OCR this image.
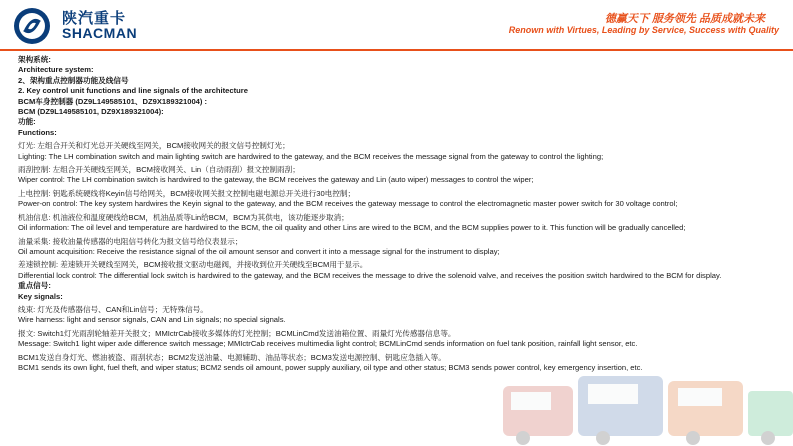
陕汽重卡
SHACMAN
德赢天下 服务领先 品质成就未来
Renown with Virtues, Leading by Service, Success with Quality

架构系统:

Architecture system:

2、架构重点控制器功能及线信号

2. Key control unit functions and line signals of the architecture

BCM车身控制器 (DZ9L149585101、DZ9X189321004) :

BCM (DZ9L149585101, DZ9X189321004):

功能:

Functions:

灯光: 左组合开关和灯光总开关硬线至网关，BCM接收网关的报文信号控制灯光；

Lighting: The LH combination switch and main lighting switch are hardwired to the gateway, and the BCM receives the message signal from the gateway to control the lighting;

雨刮控制: 左组合开关硬线至网关，BCM接收网关、Lin（自动雨刮）报文控制雨刮；

Wiper control: The LH combination switch is hardwired to the gateway, the BCM receives the gateway and Lin (auto wiper) messages to control the wiper;

上电控制: 钥匙系统硬线将Keyin信号给网关，BCM接收网关报文控制电磁电源总开关进行30电控制；

Power-on control: The key system hardwires the Keyin signal to the gateway, and the BCM receives the gateway message to control the electromagnetic master power switch for 30 voltage control;

机油信息: 机油液位和温度硬线给BCM，机油品质等Lin给BCM，BCM为其供电，该功能逐步取消；

Oil information: The oil level and temperature are hardwired to the BCM, the oil quality and other Lins are wired to the BCM, and the BCM supplies power to it. This function will be gradually cancelled;

油量采集: 接收油量传感器的电阻信号转化为报文信号给仪表显示；

Oil amount acquisition: Receive the resistance signal of the oil amount sensor and convert it into a message signal for the instrument to display;

差速锁控制: 差速锁开关硬线至网关，BCM接收报文驱动电磁阀，并接收到位开关硬线至BCM用于显示。

Differential lock control: The differential lock switch is hardwired to the gateway, and the BCM receives the message to drive the solenoid valve, and receives the position switch hardwired to the BCM for display.

重点信号:

Key signals:

线束: 灯光及传感器信号、CAN和Lin信号；无特殊信号。

Wire harness: light and sensor signals, CAN and Lin signals; no special signals.

报文: Switch1灯光雨刮轮轴差开关报文；MMIctrCab接收多媒体的灯光控制；BCMLinCmd发送油箱位置、雨量灯光传感器信息等。

Message: Switch1 light wiper axle difference switch message; MMIctrCab receives multimedia light control; BCMLinCmd sends information on fuel tank position, rainfall light sensor, etc.

BCM1发送自身灯光、燃油被盗、雨刮状态；BCM2发送油量、电源辅助、油品等状态；BCM3发送电源控制、钥匙应急插入等。

BCM1 sends its own light, fuel theft, and wiper status; BCM2 sends oil amount, power supply auxiliary, oil type and other status; BCM3 sends power control, key emergency insertion, etc.
